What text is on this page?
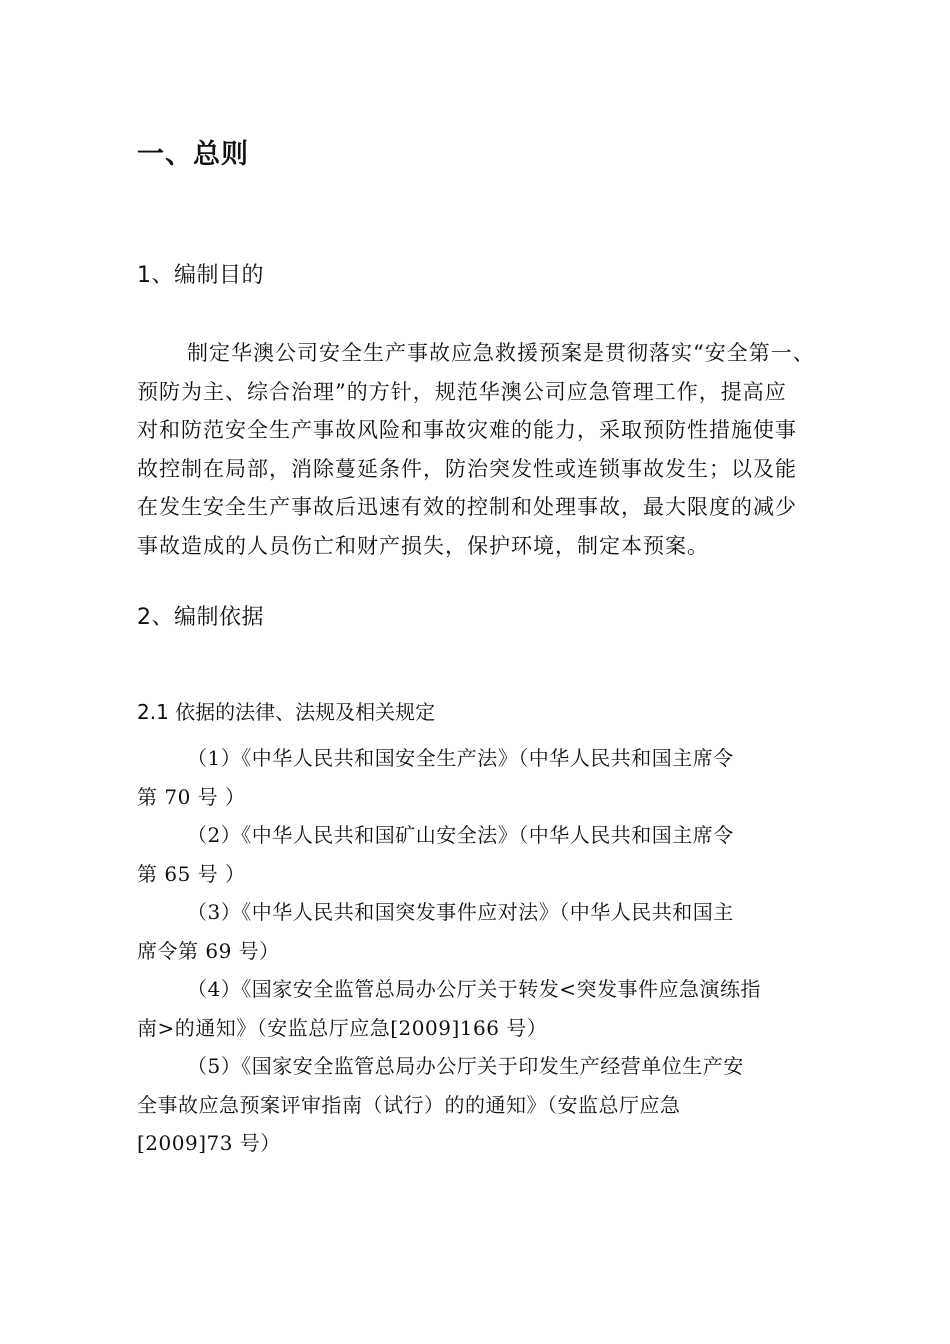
一、总则
1、编制目的
制定华澳公司安全生产事故应急救援预案是贯彻落实“安全第一、
预防为主、综合治理”的方针，规范华澳公司应急管理工作，提高应
对和防范安全生产事故风险和事故灾难的能力，采取预防性措施使事
故控制在局部，消除蔓延条件，防治突发性或连锁事故发生；以及能
在发生安全生产事故后迅速有效的控制和处理事故，最大限度的减少
事故造成的人员伤亡和财产损失，保护环境，制定本预案。
2、编制依据
2.1 依据的法律、法规及相关规定
（1）《中华人民共和国安全生产法》（中华人民共和国主席令
第 70 号 ）
（2）《中华人民共和国矿山安全法》（中华人民共和国主席令
第 65 号 ）
（3）《中华人民共和国突发事件应对法》（中华人民共和国主
席令第 69 号）
（4）《国家安全监管总局办公厅关于转发<突发事件应急演练指
南>的通知》（安监总厅应急[2009]166 号）
（5）《国家安全监管总局办公厅关于印发生产经营单位生产安
全事故应急预案评审指南（试行）的的通知》（安监总厅应急
[2009]73 号）
